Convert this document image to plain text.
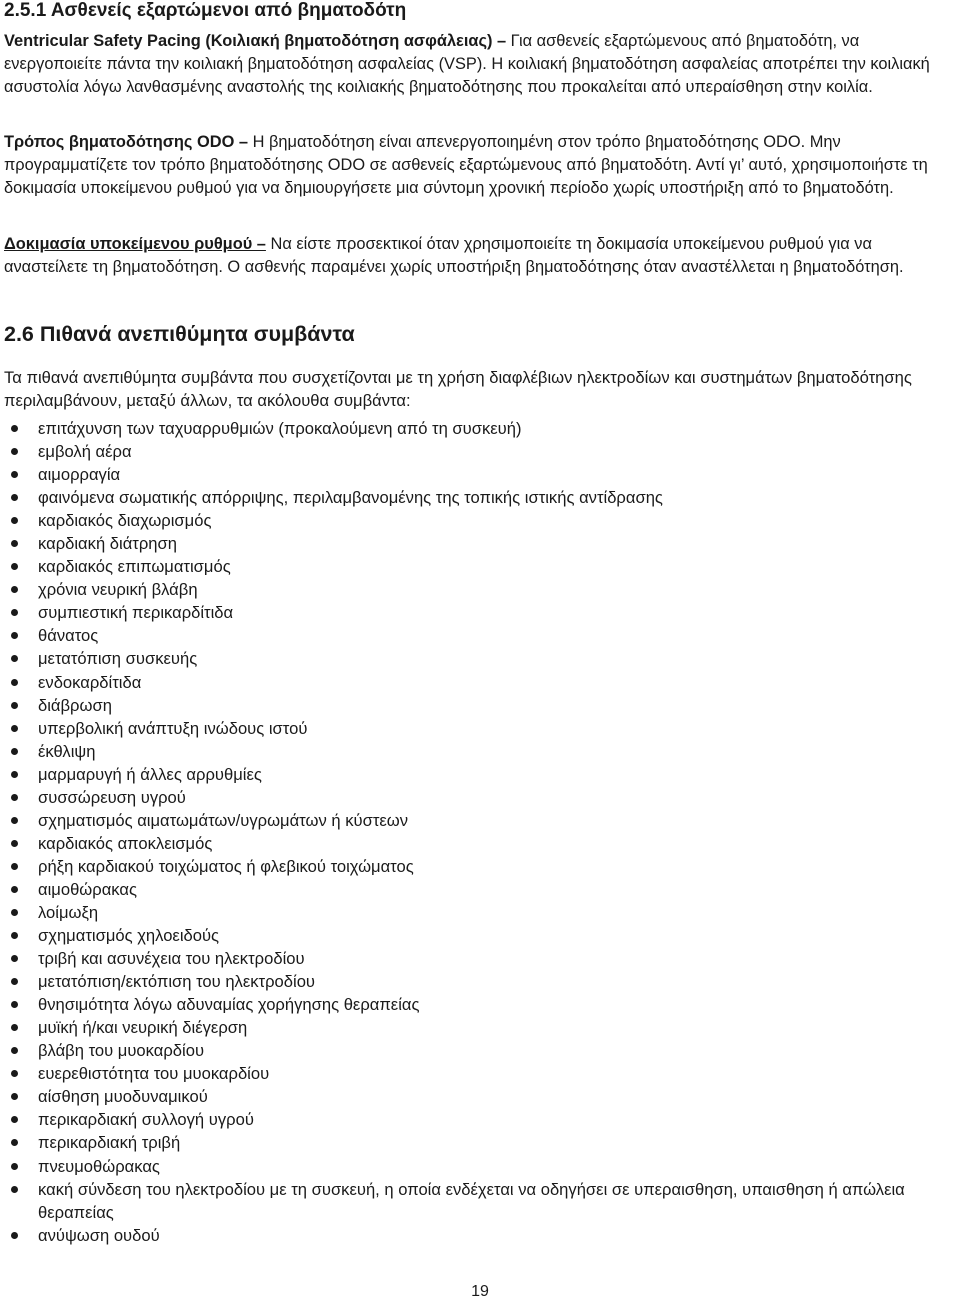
2.5.1 Ασθενείς εξαρτώμενοι από βηματοδότη
Ventricular Safety Pacing (Κοιλιακή βηματοδότηση ασφάλειας) – Για ασθενείς εξαρτώμενους από βηματοδότη, να ενεργοποιείτε πάντα την κοιλιακή βηματοδότηση ασφαλείας (VSP). Η κοιλιακή βηματοδότηση ασφαλείας αποτρέπει την κοιλιακή ασυστολία λόγω λανθασμένης αναστολής της κοιλιακής βηματοδότησης που προκαλείται από υπεραίσθηση στην κοιλία.
Τρόπος βηματοδότησης ODO – Η βηματοδότηση είναι απενεργοποιημένη στον τρόπο βηματοδότησης ODO. Μην προγραμματίζετε τον τρόπο βηματοδότησης ODO σε ασθενείς εξαρτώμενους από βηματοδότη. Αντί γι’ αυτό, χρησιμοποιήστε τη δοκιμασία υποκείμενου ρυθμού για να δημιουργήσετε μια σύντομη χρονική περίοδο χωρίς υποστήριξη από το βηματοδότη.
Δοκιμασία υποκείμενου ρυθμού – Να είστε προσεκτικοί όταν χρησιμοποιείτε τη δοκιμασία υποκείμενου ρυθμού για να αναστείλετε τη βηματοδότηση. Ο ασθενής παραμένει χωρίς υποστήριξη βηματοδότησης όταν αναστέλλεται η βηματοδότηση.
2.6 Πιθανά ανεπιθύμητα συμβάντα
Τα πιθανά ανεπιθύμητα συμβάντα που συσχετίζονται με τη χρήση διαφλέβιων ηλεκτροδίων και συστημάτων βηματοδότησης περιλαμβάνουν, μεταξύ άλλων, τα ακόλουθα συμβάντα:
επιτάχυνση των ταχυαρρυθμιών (προκαλούμενη από τη συσκευή)
εμβολή αέρα
αιμορραγία
φαινόμενα σωματικής απόρριψης, περιλαμβανομένης της τοπικής ιστικής αντίδρασης
καρδιακός διαχωρισμός
καρδιακή διάτρηση
καρδιακός επιπωματισμός
χρόνια νευρική βλάβη
συμπιεστική περικαρδίτιδα
θάνατος
μετατόπιση συσκευής
ενδοκαρδίτιδα
διάβρωση
υπερβολική ανάπτυξη ινώδους ιστού
έκθλιψη
μαρμαρυγή ή άλλες αρρυθμίες
συσσώρευση υγρού
σχηματισμός αιματωμάτων/υγρωμάτων ή κύστεων
καρδιακός αποκλεισμός
ρήξη καρδιακού τοιχώματος ή φλεβικού τοιχώματος
αιμοθώρακας
λοίμωξη
σχηματισμός χηλοειδούς
τριβή και ασυνέχεια του ηλεκτροδίου
μετατόπιση/εκτόπιση του ηλεκτροδίου
θνησιμότητα λόγω αδυναμίας χορήγησης θεραπείας
μυϊκή ή/και νευρική διέγερση
βλάβη του μυοκαρδίου
ευερεθιστότητα του μυοκαρδίου
αίσθηση μυοδυναμικού
περικαρδιακή συλλογή υγρού
περικαρδιακή τριβή
πνευμοθώρακας
κακή σύνδεση του ηλεκτροδίου με τη συσκευή, η οποία ενδέχεται να οδηγήσει σε υπεραισθηση, υπαισθηση ή απώλεια θεραπείας
ανύψωση ουδού
19
